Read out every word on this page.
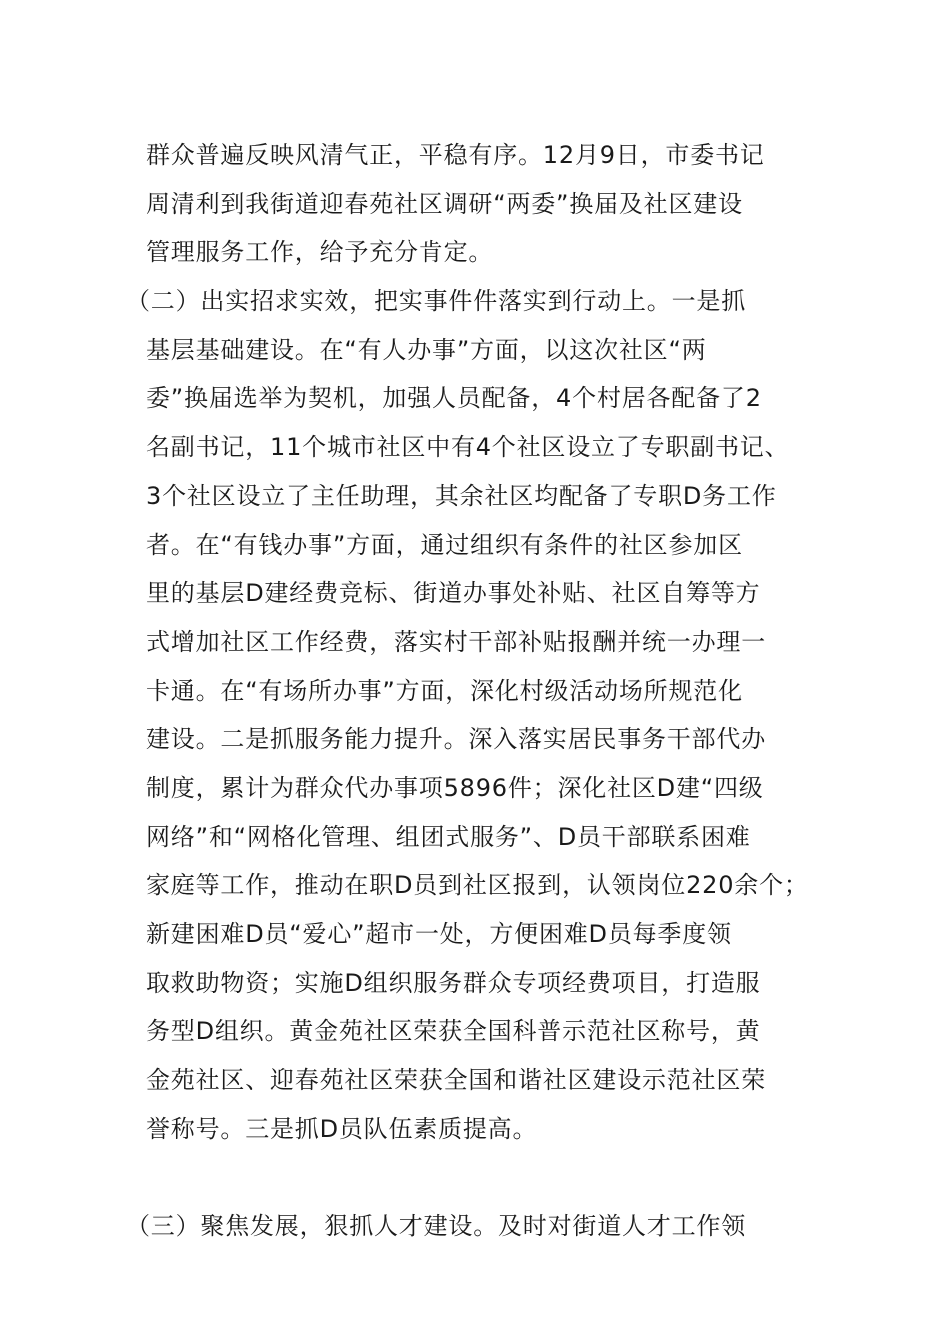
群众普遍反映风清气正，平稳有序。12月9日，市委书记
周清利到我街道迎春苑社区调研“两委”换届及社区建设
管理服务工作，给予充分肯定。
（二）出实招求实效，把实事件件落实到行动上。一是抓
基层基础建设。在“有人办事”方面，以这次社区“两
委”换届选举为契机，加强人员配备，4个村居各配备了2
名副书记，11个城市社区中有4个社区设立了专职副书记、
3个社区设立了主任助理，其余社区均配备了专职D务工作
者。在“有钱办事”方面，通过组织有条件的社区参加区
里的基层D建经费竞标、街道办事处补贴、社区自筹等方
式增加社区工作经费，落实村干部补贴报酬并统一办理一
卡通。在“有场所办事”方面，深化村级活动场所规范化
建设。二是抓服务能力提升。深入落实居民事务干部代办
制度，累计为群众代办事项5896件；深化社区D建“四级
网络”和“网格化管理、组团式服务”、D员干部联系困难
家庭等工作，推动在职D员到社区报到，认领岗位220余个；
新建困难D员“爱心”超市一处，方便困难D员每季度领
取救助物资；实施D组织服务群众专项经费项目，打造服
务型D组织。黄金苑社区荣获全国科普示范社区称号，黄
金苑社区、迎春苑社区荣获全国和谐社区建设示范社区荣
誉称号。三是抓D员队伍素质提高。
（三）聚焦发展，狠抓人才建设。及时对街道人才工作领
